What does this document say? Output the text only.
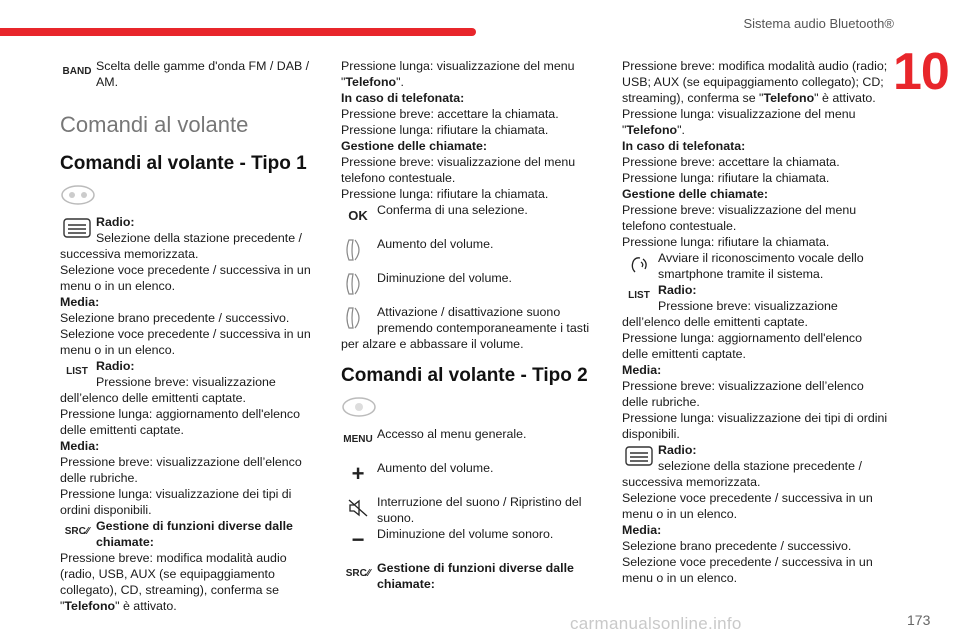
Sistema audio Bluetooth®
10
BAND Scelta delle gamme d'onda FM / DAB / AM.
Comandi al volante
Comandi al volante - Tipo 1
Radio:
Selezione della stazione precedente / successiva memorizzata.

Selezione voce precedente / successiva in un menu o in un elenco.

Media:

Selezione brano precedente / successivo.

Selezione voce precedente / successiva in un menu o in un elenco.

LIST Radio:
Pressione breve: visualizzazione dell’elenco delle emittenti captate.

Pressione lunga: aggiornamento dell'elenco delle emittenti captate.

Media:

Pressione breve: visualizzazione dell’elenco delle rubriche.

Pressione lunga: visualizzazione dei tipi di ordini disponibili.

SRC ∕∕ Gestione di funzioni diverse dalle chiamate:

Pressione breve: modifica modalità audio (radio, USB, AUX (se equipaggiamento collegato), CD, streaming), conferma se "Telefono" è attivato.

Pressione lunga: visualizzazione del menu "Telefono".

In caso di telefonata:

Pressione breve: accettare la chiamata.

Pressione lunga: rifiutare la chiamata.

Gestione delle chiamate:

Pressione breve: visualizzazione del menu telefono contestuale.

Pressione lunga: rifiutare la chiamata.

OK Conferma di una selezione.
Aumento del volume.
Diminuzione del volume.
Attivazione / disattivazione suono premendo contemporaneamente i tasti per alzare e abbassare il volume.
Comandi al volante - Tipo 2
MENU Accesso al menu generale.
+	Aumento del volume.
Interruzione del suono / Ripristino del suono.
−	Diminuzione del volume sonoro.
SRC ∕∕ Gestione di funzioni diverse dalle chiamate:

Pressione breve: modifica modalità audio (radio; USB; AUX (se equipaggiamento collegato); CD; streaming), conferma se "Telefono" è attivato.

Pressione lunga: visualizzazione del menu "Telefono".

In caso di telefonata:

Pressione breve: accettare la chiamata.

Pressione lunga: rifiutare la chiamata.

Gestione delle chiamate:

Pressione breve: visualizzazione del menu telefono contestuale.

Pressione lunga: rifiutare la chiamata.

Avviare il riconoscimento vocale dello smartphone tramite il sistema.
LIST Radio:
Pressione breve: visualizzazione dell’elenco delle emittenti captate.

Pressione lunga: aggiornamento dell'elenco delle emittenti captate.

Media:

Pressione breve: visualizzazione dell’elenco delle rubriche.

Pressione lunga: visualizzazione dei tipi di ordini disponibili.

Radio:
selezione della stazione precedente / successiva memorizzata.

Selezione voce precedente / successiva in un menu o in un elenco.

Media:

Selezione brano precedente / successivo.

Selezione voce precedente / successiva in un menu o in un elenco.

carmanualsonline.info	173
